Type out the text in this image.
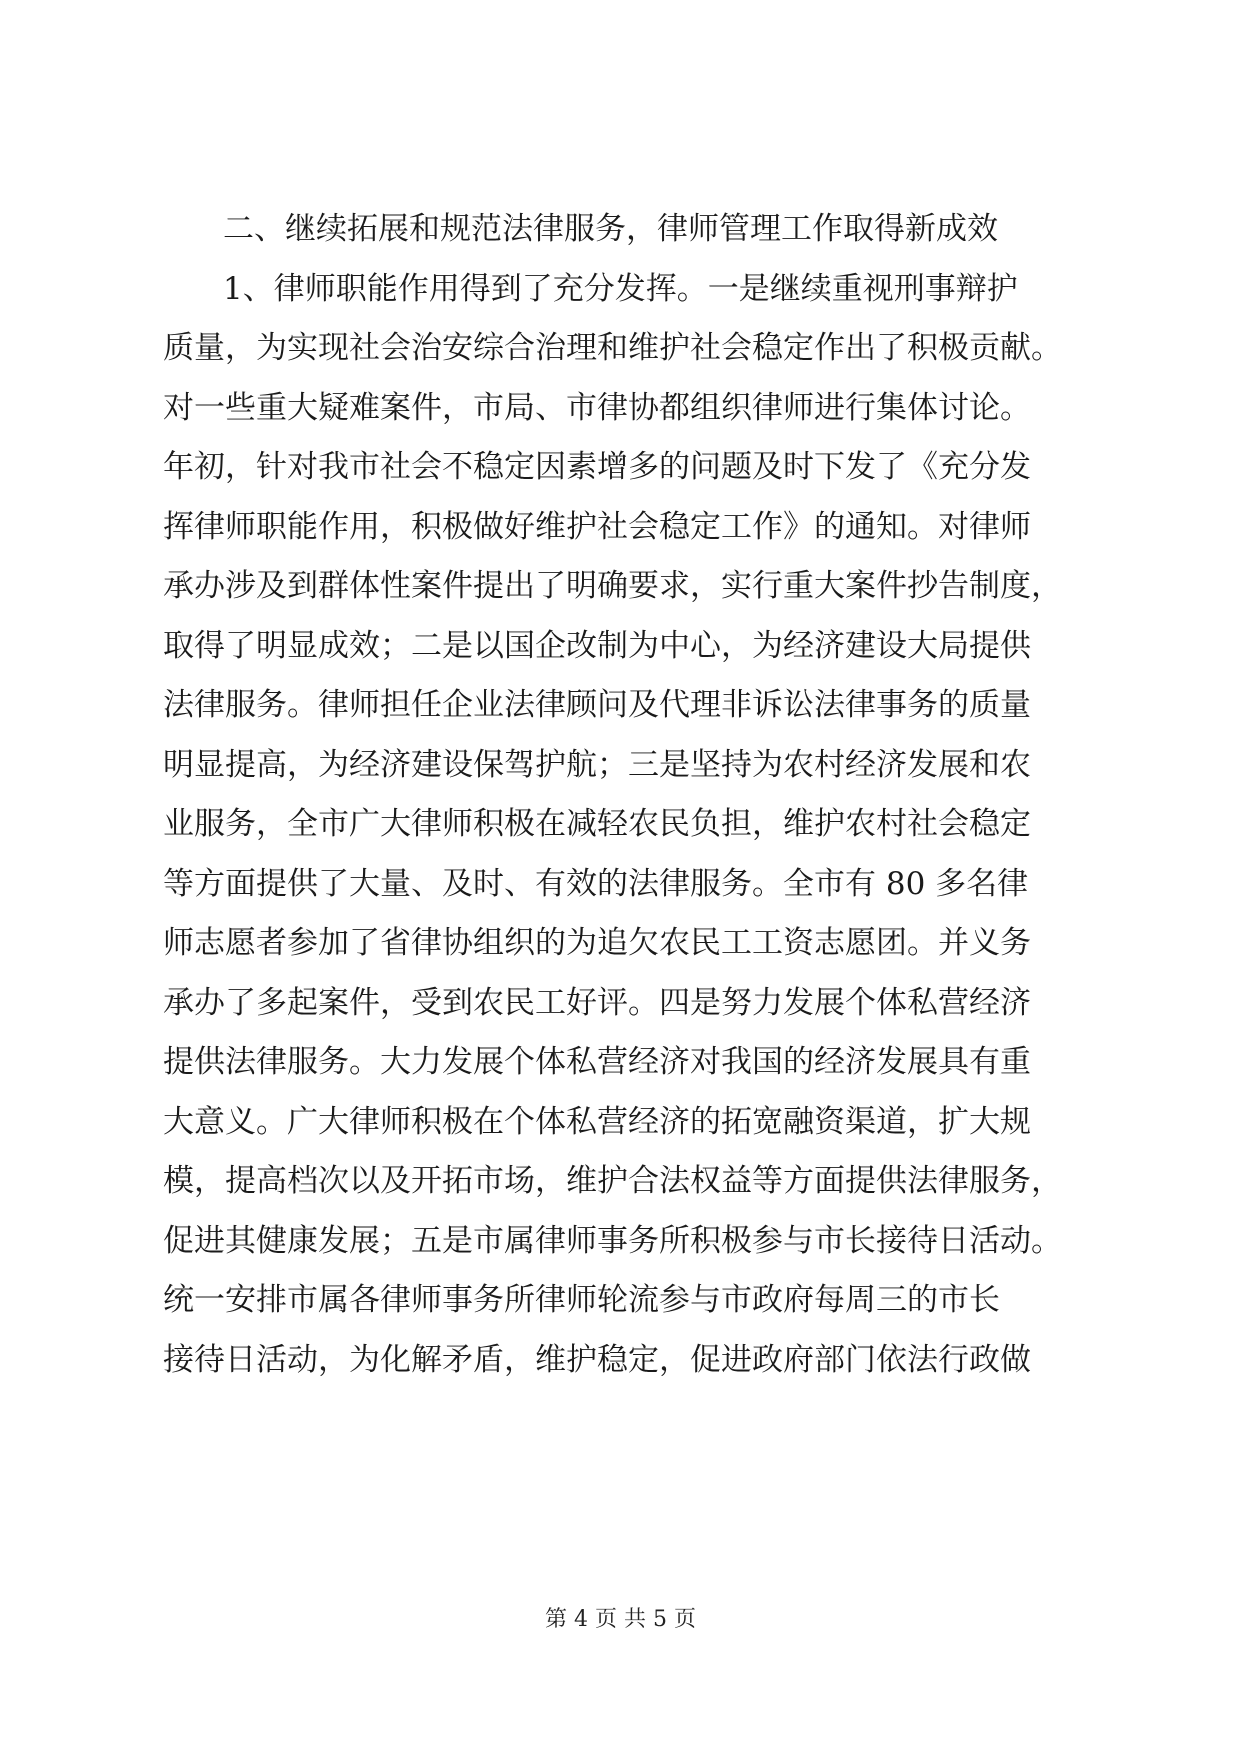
二、继续拓展和规范法律服务，律师管理工作取得新成效
1、律师职能作用得到了充分发挥。一是继续重视刑事辩护
质量，为实现社会治安综合治理和维护社会稳定作出了积极贡献。
对一些重大疑难案件，市局、市律协都组织律师进行集体讨论。
年初，针对我市社会不稳定因素增多的问题及时下发了《充分发
挥律师职能作用，积极做好维护社会稳定工作》的通知。对律师
承办涉及到群体性案件提出了明确要求，实行重大案件抄告制度，
取得了明显成效；二是以国企改制为中心，为经济建设大局提供
法律服务。律师担任企业法律顾问及代理非诉讼法律事务的质量
明显提高，为经济建设保驾护航；三是坚持为农村经济发展和农
业服务，全市广大律师积极在减轻农民负担，维护农村社会稳定
等方面提供了大量、及时、有效的法律服务。全市有 80 多名律
师志愿者参加了省律协组织的为追欠农民工工资志愿团。并义务
承办了多起案件，受到农民工好评。四是努力发展个体私营经济
提供法律服务。大力发展个体私营经济对我国的经济发展具有重
大意义。广大律师积极在个体私营经济的拓宽融资渠道，扩大规
模，提高档次以及开拓市场，维护合法权益等方面提供法律服务，
促进其健康发展；五是市属律师事务所积极参与市长接待日活动。
统一安排市属各律师事务所律师轮流参与市政府每周三的市长
接待日活动，为化解矛盾，维护稳定，促进政府部门依法行政做
第 4 页 共 5 页
